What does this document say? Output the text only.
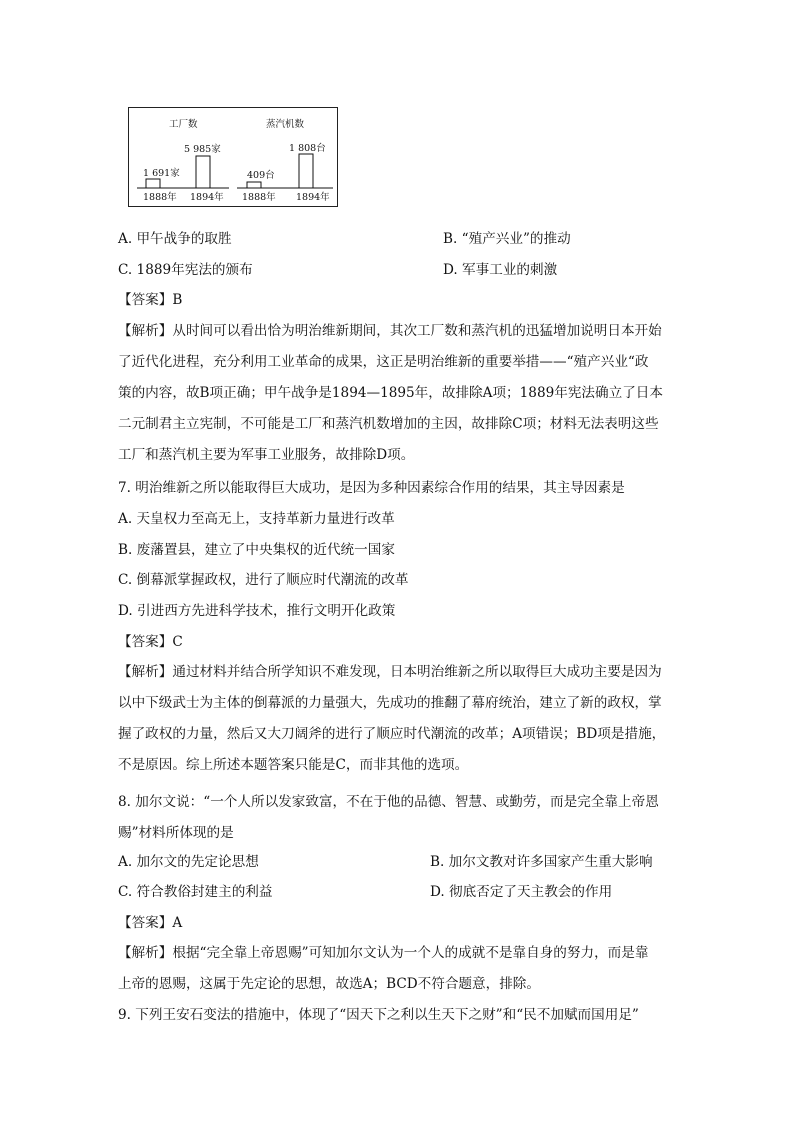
工厂数
1 691家
5 985家
1888年 1894年
蒸汽机数
409台
1 808台
1888年 1894年
A. 甲午战争的取胜	B. “殖产兴业”的推动
C. 1889年宪法的颁布	D. 军事工业的刺激
【答案】B
【解析】从时间可以看出恰为明治维新期间，其次工厂数和蒸汽机的迅猛增加说明日本开始
了近代化进程，充分利用工业革命的成果，这正是明治维新的重要举措——“殖产兴业“政
策的内容，故B项正确；甲午战争是1894—1895年，故排除A项；1889年宪法确立了日本
二元制君主立宪制，不可能是工厂和蒸汽机数增加的主因，故排除C项；材料无法表明这些
工厂和蒸汽机主要为军事工业服务，故排除D项。
7. 明治维新之所以能取得巨大成功，是因为多种因素综合作用的结果，其主导因素是
A. 天皇权力至高无上，支持革新力量进行改革
B. 废藩置县，建立了中央集权的近代统一国家
C. 倒幕派掌握政权，进行了顺应时代潮流的改革
D. 引进西方先进科学技术，推行文明开化政策
【答案】C
【解析】通过材料并结合所学知识不难发现，日本明治维新之所以取得巨大成功主要是因为
以中下级武士为主体的倒幕派的力量强大，先成功的推翻了幕府统治，建立了新的政权，掌
握了政权的力量，然后又大刀阔斧的进行了顺应时代潮流的改革；A项错误；BD项是措施，
不是原因。综上所述本题答案只能是C，而非其他的选项。
8. 加尔文说：“一个人所以发家致富，不在于他的品德、智慧、或勤劳，而是完全靠上帝恩
赐”材料所体现的是
A. 加尔文的先定论思想	B. 加尔文教对许多国家产生重大影响
C. 符合教俗封建主的利益	D. 彻底否定了天主教会的作用
【答案】A
【解析】根据“完全靠上帝恩赐”可知加尔文认为一个人的成就不是靠自身的努力，而是靠
上帝的恩赐，这属于先定论的思想，故选A；BCD不符合题意，排除。
9. 下列王安石变法的措施中，体现了“因天下之利以生天下之财”和“民不加赋而国用足”
